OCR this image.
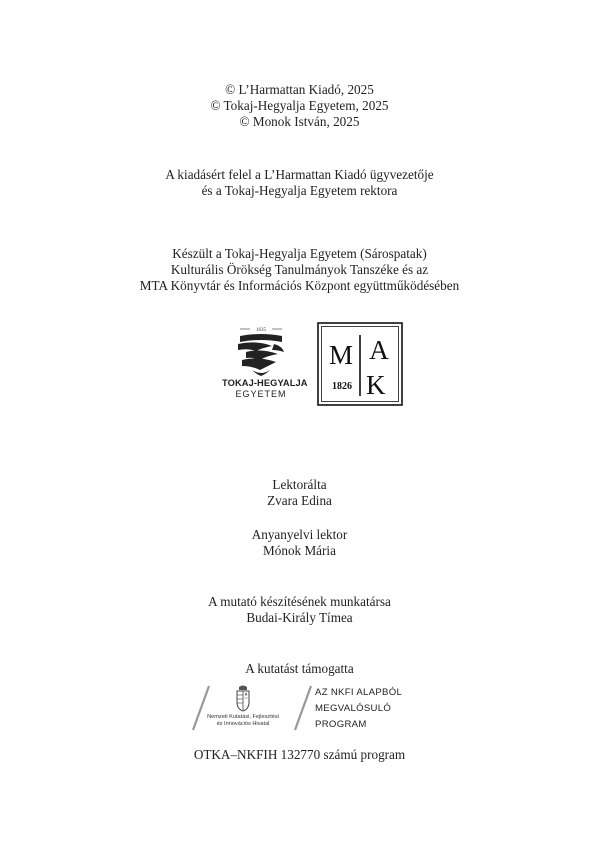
© L’Harmattan Kiadó, 2025
© Tokaj-Hegyalja Egyetem, 2025
© Monok István, 2025
A kiadásért felel a L’Harmattan Kiadó ügyvezetője
és a Tokaj-Hegyalja Egyetem rektora
Készült a Tokaj-Hegyalja Egyetem (Sárospatak)
Kulturális Örökség Tanulmányok Tanszéke és az
MTA Könyvtár és Információs Központ együttműködésében
1635
TOKAJ-HEGYALJA
EGYETEM
M A
K
1826
Lektorálta
Zvara Edina
Anyanyelvi lektor
Mónok Mária
A mutató készítésének munkatársa
Budai-Király Tímea
A kutatást támogatta
Nemzeti Kutatási, Fejlesztési
és Innovációs Hivatal
AZ NKFI ALAPBÓL
MEGVALÓSULÓ
PROGRAM
OTKA–NKFIH 132770 számú program
